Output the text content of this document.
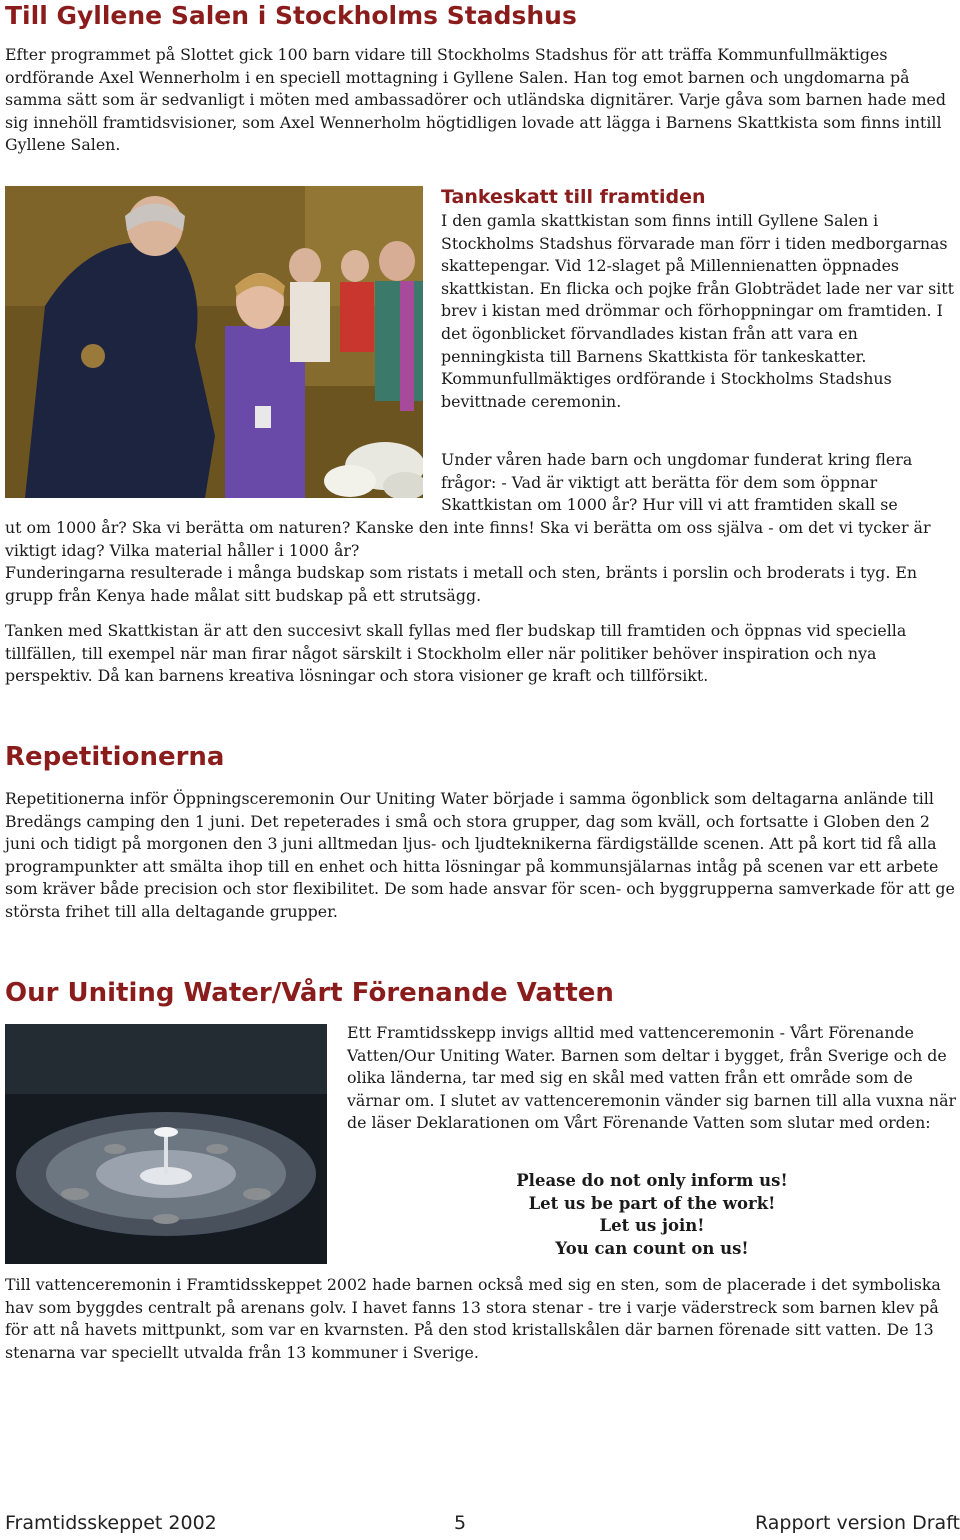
Till Gyllene Salen i Stockholms Stadshus

Efter programmet på Slottet gick 100 barn vidare till Stockholms Stadshus för att träffa Kommunfullmäktiges ordförande Axel Wennerholm i en speciell mottagning i Gyllene Salen. Han tog emot barnen och ungdomarna på samma sätt som är sedvanligt i möten med ambassadörer och utländska dignitärer. Varje gåva som barnen hade med sig innehöll framtidsvisioner, som Axel Wennerholm högtidligen lovade att lägga i Barnens Skattkista som finns intill Gyllene Salen.

Tankeskatt till framtiden

I den gamla skattkistan som finns intill Gyllene Salen i Stockholms Stadshus förvarade man förr i tiden medborgarnas skattepengar. Vid 12-slaget på Millennienatten öppnades skattkistan. En flicka och pojke från Globträdet lade ner var sitt brev i kistan med drömmar och förhoppningar om framtiden. I det ögonblicket förvandlades kistan från att vara en penningkista till Barnens Skattkista för tankeskatter. Kommunfullmäktiges ordförande i Stockholms Stadshus bevittnade ceremonin.

Under våren hade barn och ungdomar funderat kring flera frågor: - Vad är viktigt att berätta för dem som öppnar Skattkistan om 1000 år? Hur vill vi att framtiden skall se

ut om 1000 år? Ska vi berätta om naturen? Kanske den inte finns! Ska vi berätta om oss själva - om det vi tycker är viktigt idag? Vilka material håller i 1000 år?
Funderingarna resulterade i många budskap som ristats i metall och sten, bränts i porslin och broderats i tyg. En grupp från Kenya hade målat sitt budskap på ett strutsägg.

Tanken med Skattkistan är att den succesivt skall fyllas med fler budskap till framtiden och öppnas vid speciella tillfällen, till exempel när man firar något särskilt i Stockholm eller när politiker behöver inspiration och nya perspektiv. Då kan barnens kreativa lösningar och stora visioner ge kraft och tillförsikt.

Repetitionerna

Repetitionerna inför Öppningsceremonin Our Uniting Water började i samma ögonblick som deltagarna anlände till Bredängs camping den 1 juni. Det repeterades i små och stora grupper, dag som kväll, och fortsatte i Globen den 2 juni och tidigt på morgonen den 3 juni alltmedan ljus- och ljudteknikerna färdigställde scenen. Att på kort tid få alla programpunkter att smälta ihop till en enhet och hitta lösningar på kommunsjälarnas intåg på scenen var ett arbete som kräver både precision och stor flexibilitet. De som hade ansvar för scen- och byggrupperna samverkade för att ge största frihet till alla deltagande grupper.

Our Uniting Water/Vårt Förenande Vatten

Ett Framtidsskepp invigs alltid med vattenceremonin - Vårt Förenande Vatten/Our Uniting Water. Barnen som deltar i bygget, från Sverige och de olika länderna, tar med sig en skål med vatten från ett område som de värnar om. I slutet av vattenceremonin vänder sig barnen till alla vuxna när de läser Deklarationen om Vårt Förenande Vatten som slutar med orden:

Please do not only inform us!
Let us be part of the work!
Let us join!
You can count on us!

Till vattenceremonin i Framtidsskeppet 2002 hade barnen också med sig en sten, som de placerade i det symboliska hav som byggdes centralt på arenans golv. I havet fanns 13 stora stenar - tre i varje väderstreck som barnen klev på för att nå havets mittpunkt, som var en kvarnsten. På den stod kristallskålen där barnen förenade sitt vatten. De 13 stenarna var speciellt utvalda från 13 kommuner i Sverige.

Framtidsskeppet 2002	5	Rapport version Draft
